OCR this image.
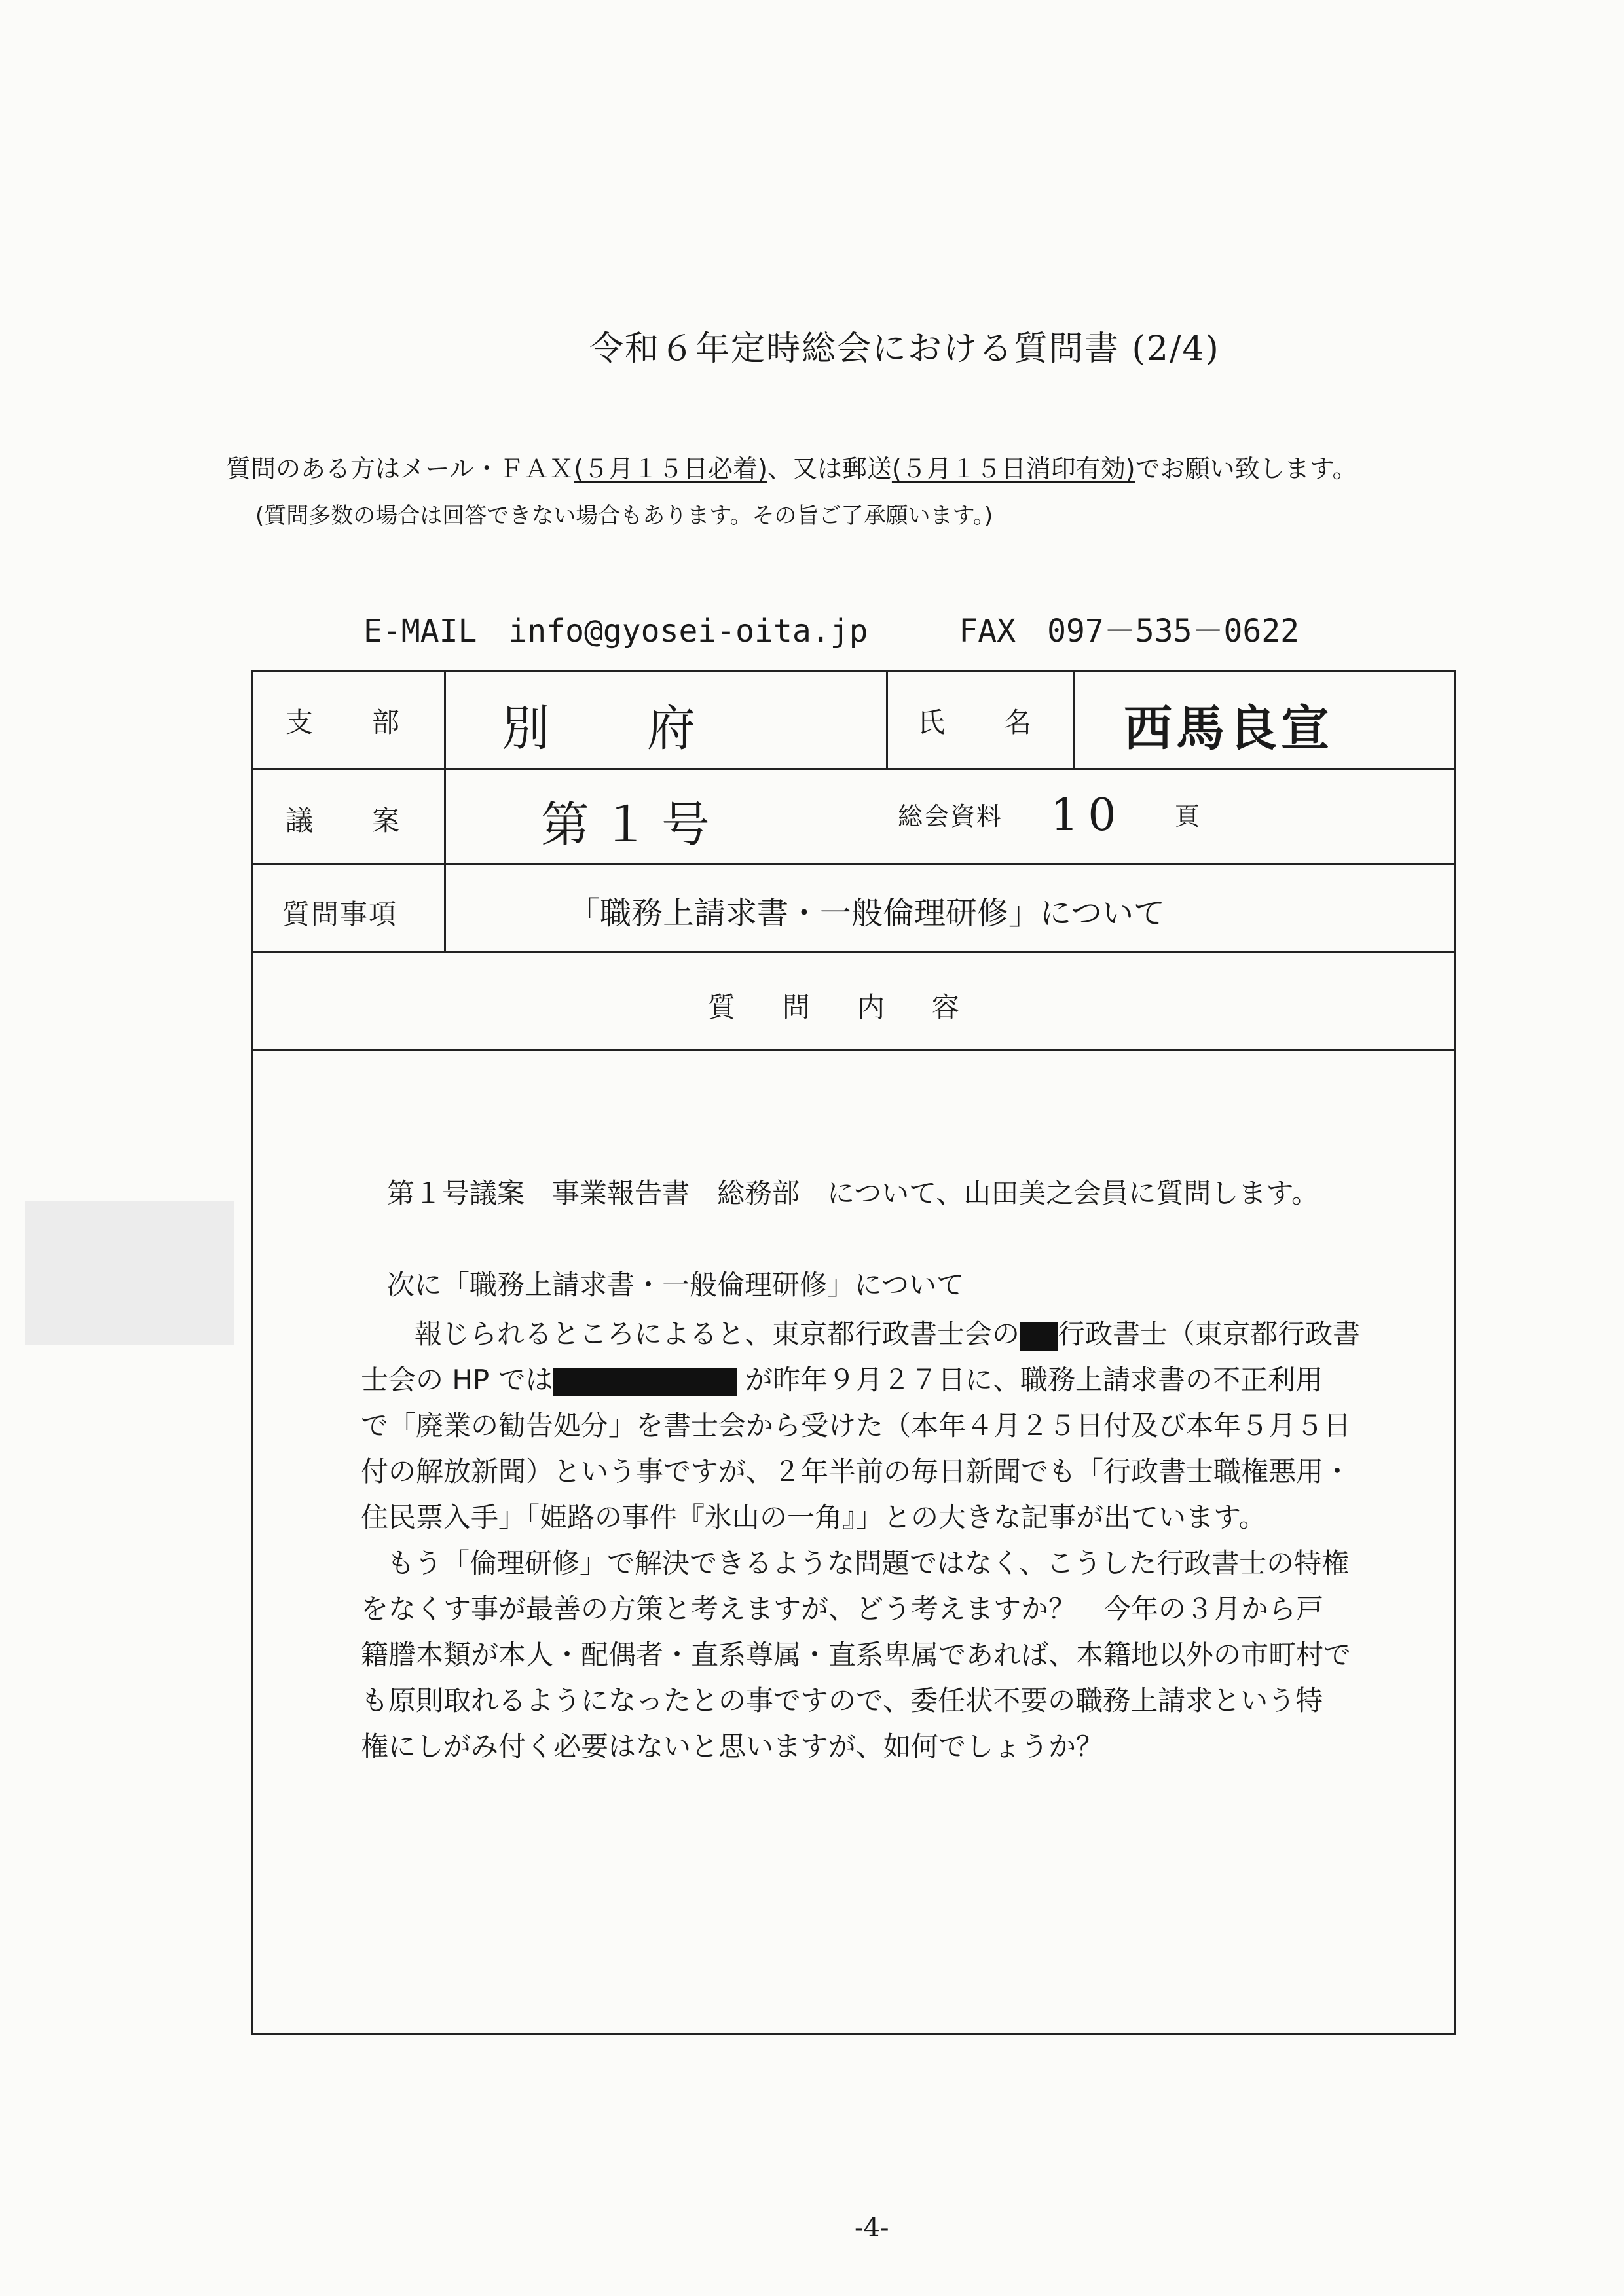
令和６年定時総会における質問書 (2/4)
質問のある方はメール・ＦＡＸ(５月１５日必着)、又は郵送(５月１５日消印有効)でお願い致します。
(質問多数の場合は回答できない場合もあります。その旨ご了承願います。)
E-MAIL　info@gyosei-oita.jp	FAX　097－535－0622
支　　部 別　　府	氏　　名 西馬良宣
議　　案	第１号	総会資料 10 頁
質問事項	「職務上請求書・一般倫理研修」について
質問内容
第１号議案　事業報告書　総務部　について、山田美之会員に質問します。
次に「職務上請求書・一般倫理研修」について
報じられるところによると、東京都行政書士会の 行政書士（東京都行政書
士会の HP では	が昨年９月２７日に、職務上請求書の不正利用
で「廃業の勧告処分」を書士会から受けた（本年４月２５日付及び本年５月５日
付の解放新聞）という事ですが、２年半前の毎日新聞でも「行政書士職権悪用・
住民票入手」「姫路の事件『氷山の一角』」との大きな記事が出ています。
もう「倫理研修」で解決できるような問題ではなく、こうした行政書士の特権
をなくす事が最善の方策と考えますが、どう考えますか？　今年の３月から戸
籍謄本類が本人・配偶者・直系尊属・直系卑属であれば、本籍地以外の市町村で
も原則取れるようになったとの事ですので、委任状不要の職務上請求という特
権にしがみ付く必要はないと思いますが、如何でしょうか？
-4-
